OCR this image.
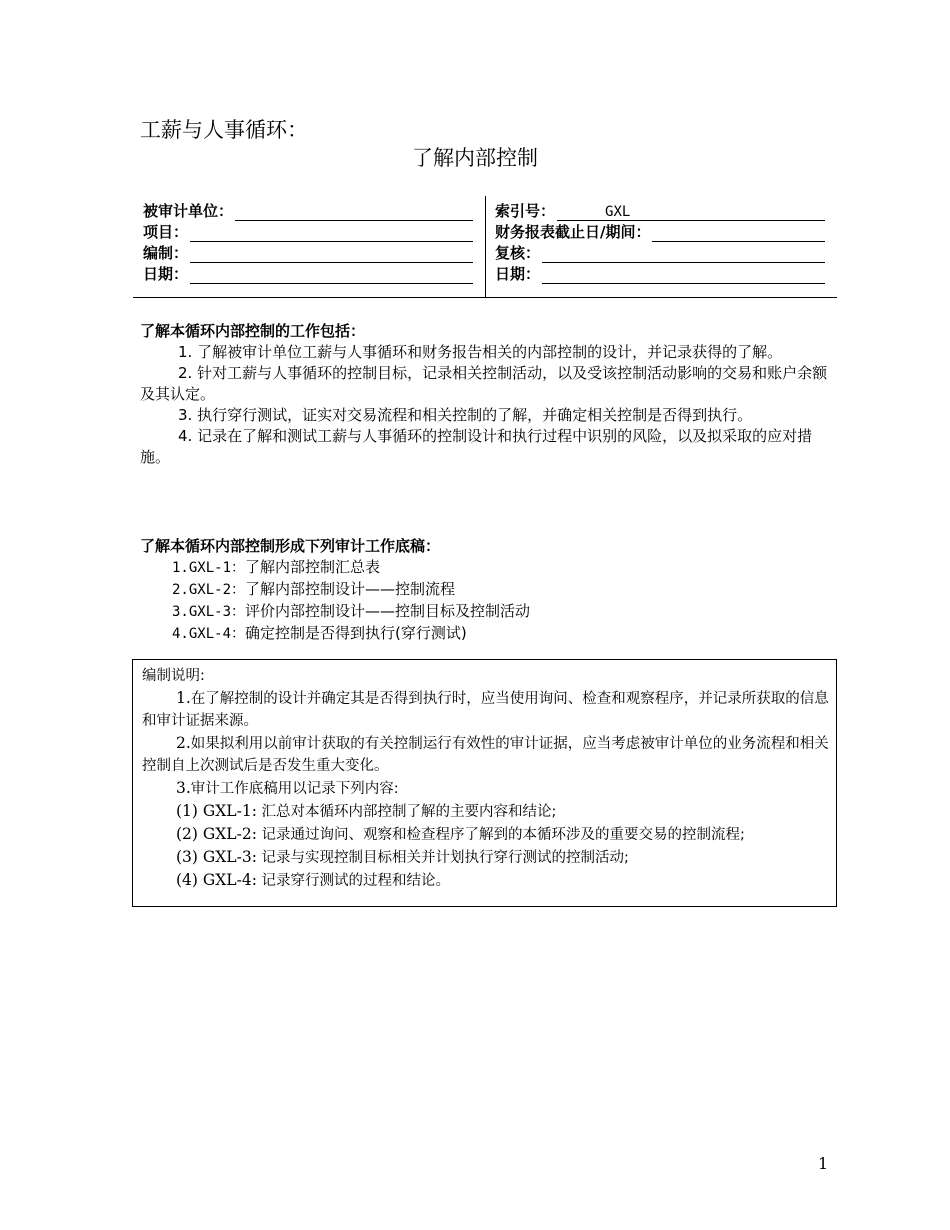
工薪与人事循环：
了解内部控制
被审计单位：
项目：
编制：
日期：
索引号：	GXL
财务报表截止日/期间：
复核：
日期：

了解本循环内部控制的工作包括：

1. 了解被审计单位工薪与人事循环和财务报告相关的内部控制的设计，并记录获得的了解。

2. 针对工薪与人事循环的控制目标，记录相关控制活动，以及受该控制活动影响的交易和账户余额及其认定。

3. 执行穿行测试，证实对交易流程和相关控制的了解，并确定相关控制是否得到执行。

4. 记录在了解和测试工薪与人事循环的控制设计和执行过程中识别的风险，以及拟采取的应对措施。

了解本循环内部控制形成下列审计工作底稿：

1.GXL-1：了解内部控制汇总表
2.GXL-2：了解内部控制设计——控制流程
3.GXL-3：评价内部控制设计——控制目标及控制活动
4.GXL-4：确定控制是否得到执行(穿行测试)

编制说明:

1.在了解控制的设计并确定其是否得到执行时，应当使用询问、检查和观察程序，并记录所获取的信息和审计证据来源。

2.如果拟利用以前审计获取的有关控制运行有效性的审计证据，应当考虑被审计单位的业务流程和相关控制自上次测试后是否发生重大变化。

3.审计工作底稿用以记录下列内容:

(1) GXL-1: 汇总对本循环内部控制了解的主要内容和结论;

(2) GXL-2: 记录通过询问、观察和检查程序了解到的本循环涉及的重要交易的控制流程;

(3) GXL-3: 记录与实现控制目标相关并计划执行穿行测试的控制活动;

(4) GXL-4: 记录穿行测试的过程和结论。

1
